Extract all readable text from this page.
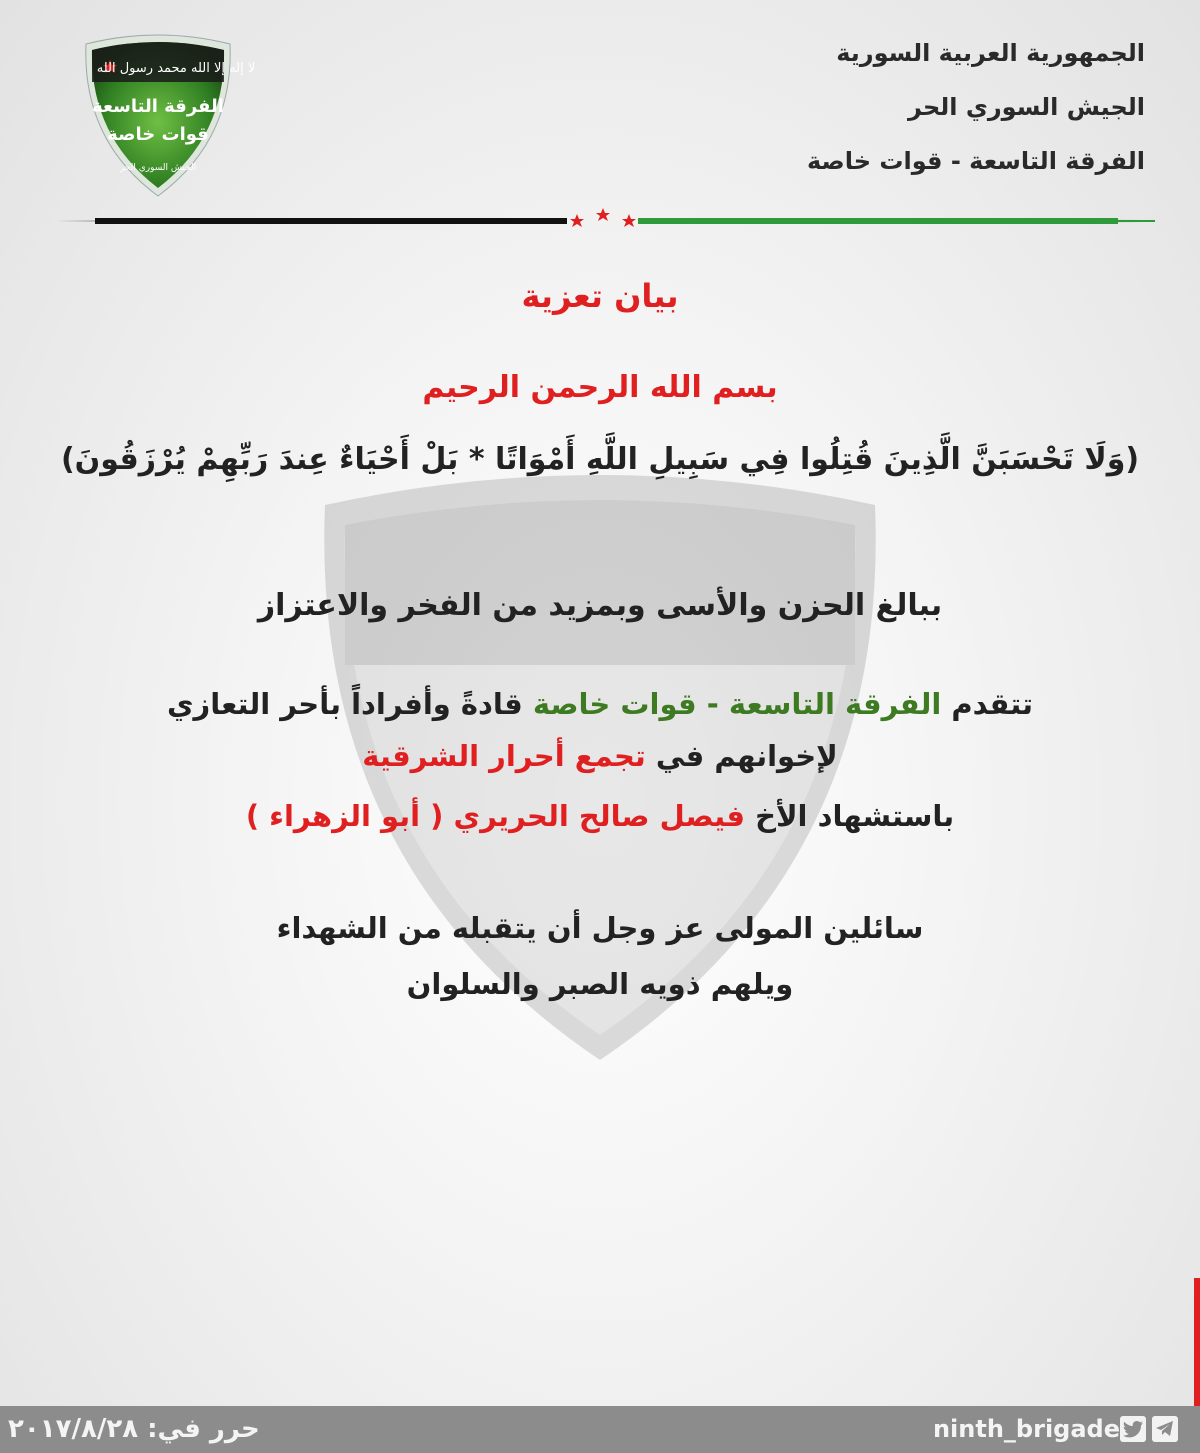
الجمهورية العربية السورية
الجيش السوري الحر
الفرقة التاسعة - قوات خاصة
لا إله إلا الله محمد رسول الله
الفرقة التاسعة
قوات خاصة
الجيش السوري الحر
بيان تعزية
بسم الله الرحمن الرحيم
(وَلَا تَحْسَبَنَّ الَّذِينَ قُتِلُوا فِي سَبِيلِ اللَّهِ أَمْوَاتًا * بَلْ أَحْيَاءٌ عِندَ رَبِّهِمْ يُرْزَقُونَ)
ببالغ الحزن والأسى وبمزيد من الفخر والاعتزاز
تتقدم الفرقة التاسعة - قوات خاصة قادةً وأفراداً بأحر التعازي
لإخوانهم في تجمع أحرار الشرقية
باستشهاد الأخ فيصل صالح الحريري ( أبو الزهراء )
سائلين المولى عز وجل أن يتقبله من الشهداء
ويلهم ذويه الصبر والسلوان
حرر في: ٢٠١٧/٨/٢٨	ninth_brigade
